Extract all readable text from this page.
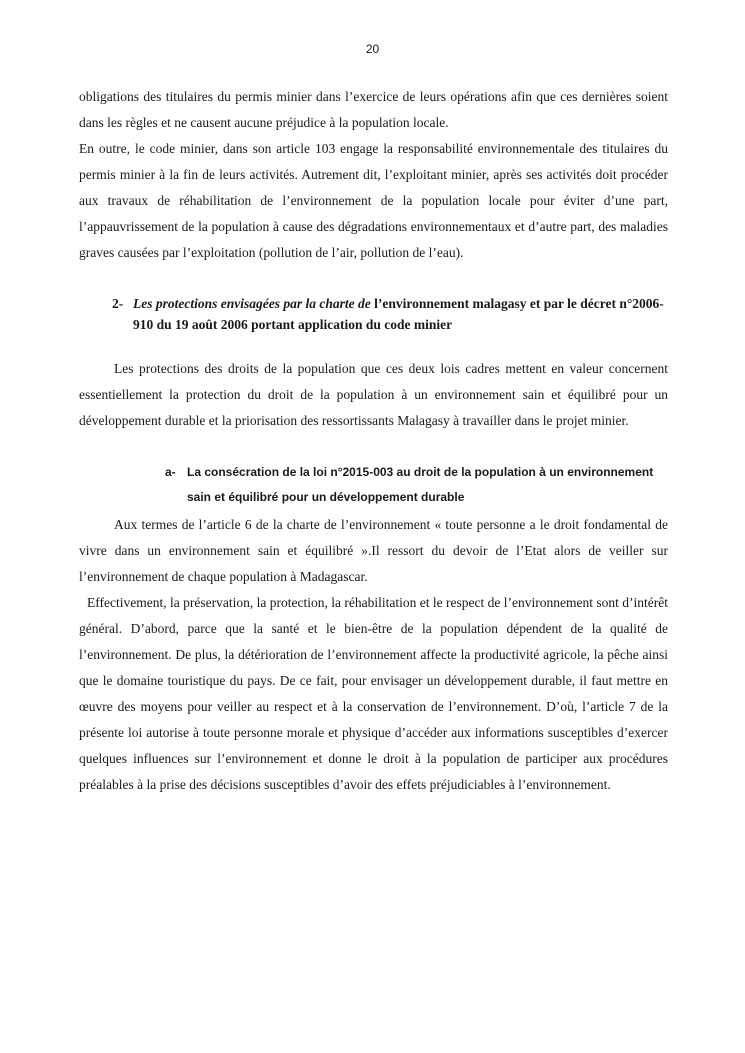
20

obligations des titulaires du permis minier dans l’exercice de leurs opérations afin que ces dernières soient dans les règles et ne causent aucune préjudice à la population locale.

En outre, le code minier, dans son article 103 engage la responsabilité environnementale des titulaires du permis minier à la fin de leurs activités. Autrement dit, l’exploitant minier, après ses activités doit procéder aux travaux de réhabilitation de l’environnement de la population locale pour éviter d’une part, l’appauvrissement de la population à cause des dégradations environnementaux et d’autre part, des maladies graves causées par l’exploitation (pollution de l’air, pollution de l’eau).

2- Les protections envisagées par la charte de l’environnement malagasy et par le décret n°2006-910 du 19 août 2006 portant application du code minier

Les protections des droits de la population que ces deux lois cadres mettent en valeur concernent essentiellement la protection du droit de la population à un environnement sain et équilibré pour un développement durable et la priorisation des ressortissants Malagasy à travailler dans le projet minier.

a- La consécration de la loi n°2015-003 au droit de la population à un environnement sain et équilibré pour un développement durable

Aux termes de l’article 6 de la charte de l’environnement « toute personne a le droit fondamental de vivre dans un environnement sain et équilibré ».Il ressort du devoir de l’Etat alors de veiller sur l’environnement de chaque population à Madagascar.

Effectivement, la préservation, la protection, la réhabilitation et le respect de l’environnement sont d’intérêt général. D’abord, parce que la santé et le bien-être de la population dépendent de la qualité de l’environnement. De plus, la détérioration de l’environnement affecte la productivité agricole, la pêche ainsi que le domaine touristique du pays. De ce fait, pour envisager un développement durable, il faut mettre en œuvre des moyens pour veiller au respect et à la conservation de l’environnement. D’où, l’article 7 de la présente loi autorise à toute personne morale et physique d’accéder aux informations susceptibles d’exercer quelques influences sur l’environnement et donne le droit à la population de participer aux procédures préalables à la prise des décisions susceptibles d’avoir des effets préjudiciables à l’environnement.
